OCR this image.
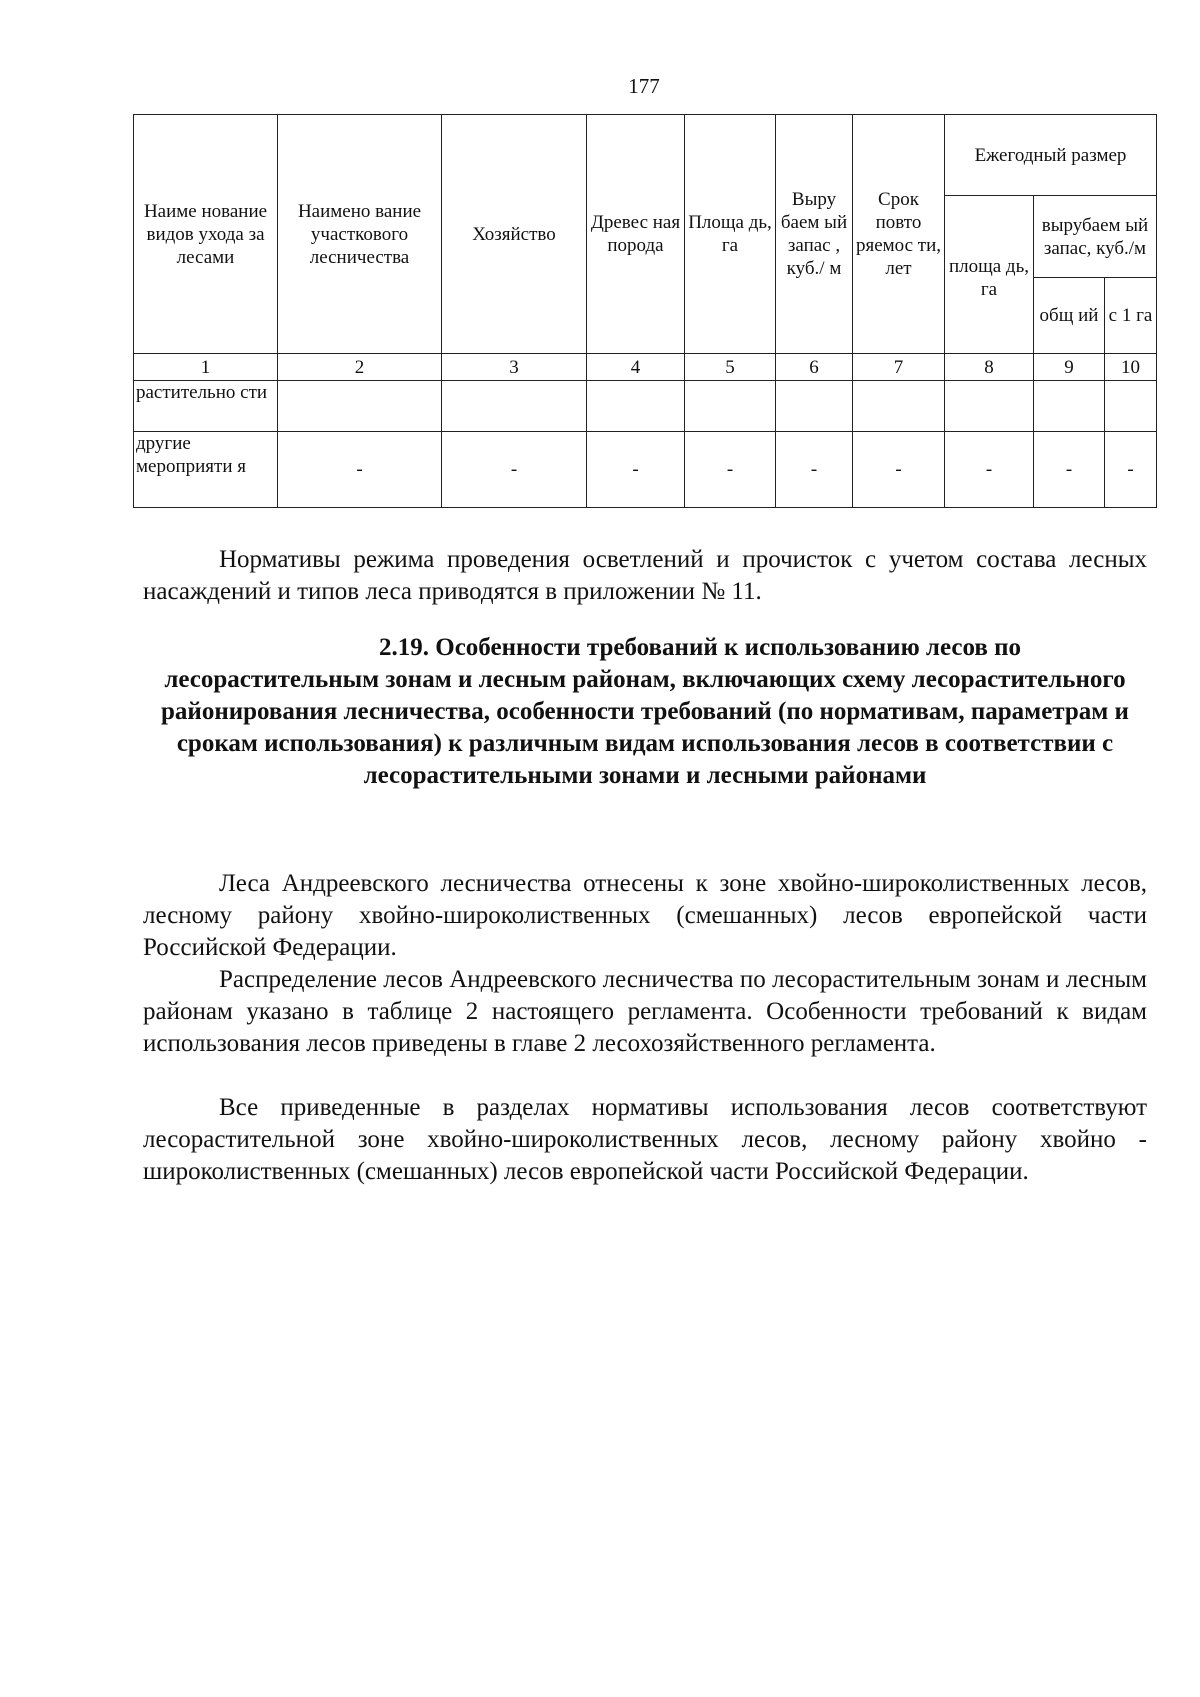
177
Наиме нование видов ухода за лесами	Наимено вание участкового лесничества	Хозяйство	Древес ная порода	Площа дь, га	Выру баем ый запас , куб./ м	Срок повто ряемос ти, лет	Ежегодный размер		
							площа дь, га	вырубаем ый запас, куб./м	
								общ ий	с 1 га
1	2	3	4	5	6	7	8	9	10
растительно сти									
другие мероприяти я	-	-	-	-	-	-	-	-	-

Нормативы режима проведения осветлений и прочисток с учетом состава лесных насаждений и типов леса приводятся в приложении № 11.

2.19. Особенности требований к использованию лесов по
лесорастительным зонам и лесным районам, включающих схему лесорастительного районирования лесничества, особенности требований (по нормативам, параметрам и срокам использования) к различным видам использования лесов в соответствии с лесорастительными зонами и лесными районами

Леса Андреевского лесничества отнесены к зоне хвойно-широколиственных лесов, лесному району хвойно-широколиственных (смешанных) лесов европейской части Российской Федерации.

Распределение лесов Андреевского лесничества по лесорастительным зонам и лесным районам указано в таблице 2 настоящего регламента. Особенности требований к видам использования лесов приведены в главе 2 лесохозяйственного регламента.

Все приведенные в разделах нормативы использования лесов соответствуют лесорастительной зоне хвойно-широколиственных лесов, лесному району хвойно - широколиственных (смешанных) лесов европейской части Российской Федерации.
